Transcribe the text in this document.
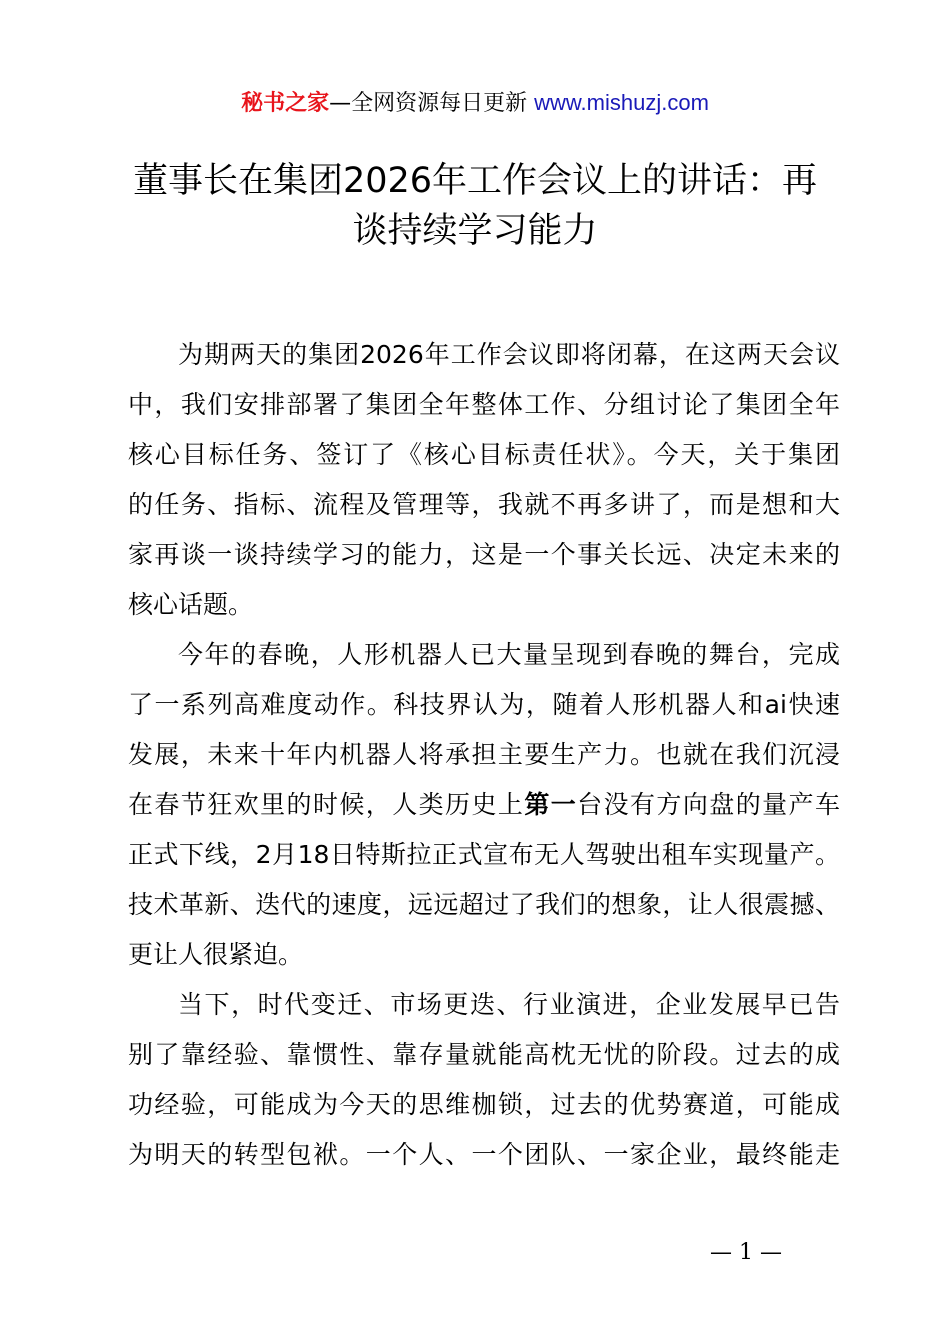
秘书之家—全网资源每日更新 www.mishuzj.com
董事长在集团2026年工作会议上的讲话：再
谈持续学习能力
为期两天的集团2026年工作会议即将闭幕，在这两天会议
中，我们安排部署了集团全年整体工作、分组讨论了集团全年
核心目标任务、签订了《核心目标责任状》。今天，关于集团
的任务、指标、流程及管理等，我就不再多讲了，而是想和大
家再谈一谈持续学习的能力，这是一个事关长远、决定未来的
核心话题。
今年的春晚，人形机器人已大量呈现到春晚的舞台，完成
了一系列高难度动作。科技界认为，随着人形机器人和ai快速
发展，未来十年内机器人将承担主要生产力。也就在我们沉浸
在春节狂欢里的时候，人类历史上第一台没有方向盘的量产车
正式下线，2月18日特斯拉正式宣布无人驾驶出租车实现量产。
技术革新、迭代的速度，远远超过了我们的想象，让人很震撼、
更让人很紧迫。
当下，时代变迁、市场更迭、行业演进，企业发展早已告
别了靠经验、靠惯性、靠存量就能高枕无忧的阶段。过去的成
功经验，可能成为今天的思维枷锁，过去的优势赛道，可能成
为明天的转型包袱。一个人、一个团队、一家企业，最终能走
— 1 —
